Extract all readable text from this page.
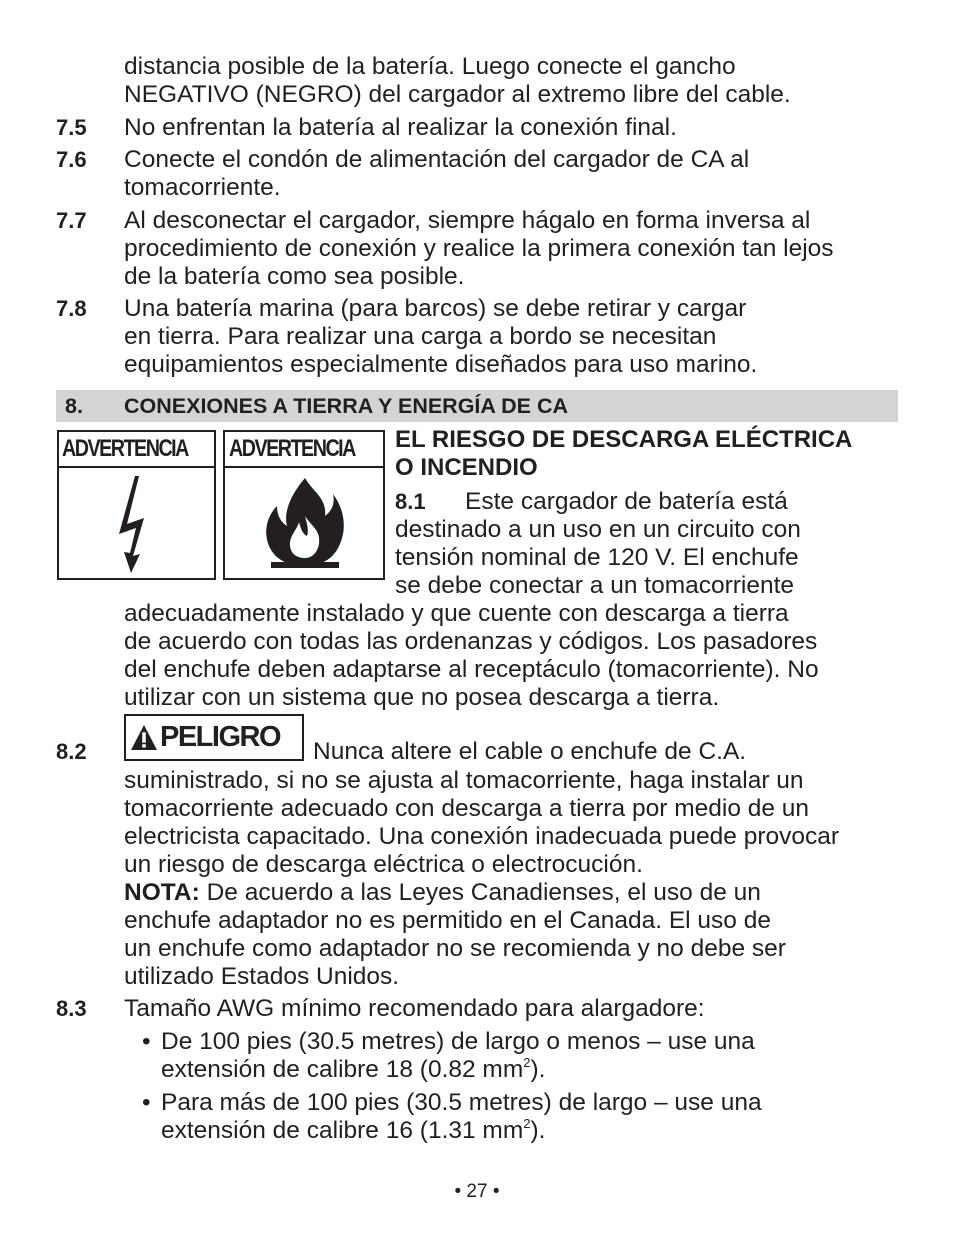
distancia posible de la batería. Luego conecte el gancho
NEGATIVO (NEGRO) del cargador al extremo libre del cable.
7.5 No enfrentan la batería al realizar la conexión final.
7.6 Conecte el condón de alimentación del cargador de CA al
tomacorriente.
7.7 Al desconectar el cargador, siempre hágalo en forma inversa al
procedimiento de conexión y realice la primera conexión tan lejos
de la batería como sea posible.
7.8 Una batería marina (para barcos) se debe retirar y cargar
en tierra. Para realizar una carga a bordo se necesitan
equipamientos especialmente diseñados para uso marino.
8. CONEXIONES A TIERRA Y ENERGÍA DE CA
ADVERTENCIA ADVERTENCIA EL RIESGO DE DESCARGA ELÉCTRICA
O INCENDIO
8.1 Este cargador de batería está
destinado a un uso en un circuito con
tensión nominal de 120 V. El enchufe
se debe conectar a un tomacorriente
adecuadamente instalado y que cuente con descarga a tierra
de acuerdo con todas las ordenanzas y códigos. Los pasadores
del enchufe deben adaptarse al receptáculo (tomacorriente). No
utilizar con un sistema que no posea descarga a tierra.
8.2	PELIGRO Nunca altere el cable o enchufe de C.A.
suministrado, si no se ajusta al tomacorriente, haga instalar un
tomacorriente adecuado con descarga a tierra por medio de un
electricista capacitado. Una conexión inadecuada puede provocar
un riesgo de descarga eléctrica o electrocución.
NOTA: De acuerdo a las Leyes Canadienses, el uso de un
enchufe adaptador no es permitido en el Canada. El uso de
un enchufe como adaptador no se recomienda y no debe ser
utilizado Estados Unidos.
8.3 Tamaño AWG mínimo recomendado para alargadore:
• De 100 pies (30.5 metres) de largo o menos – use una
extensión de calibre 18 (0.82 $mm^2$).
• Para más de 100 pies (30.5 metres) de largo – use una
extensión de calibre 16 (1.31 $mm^2$).
• 27 •
